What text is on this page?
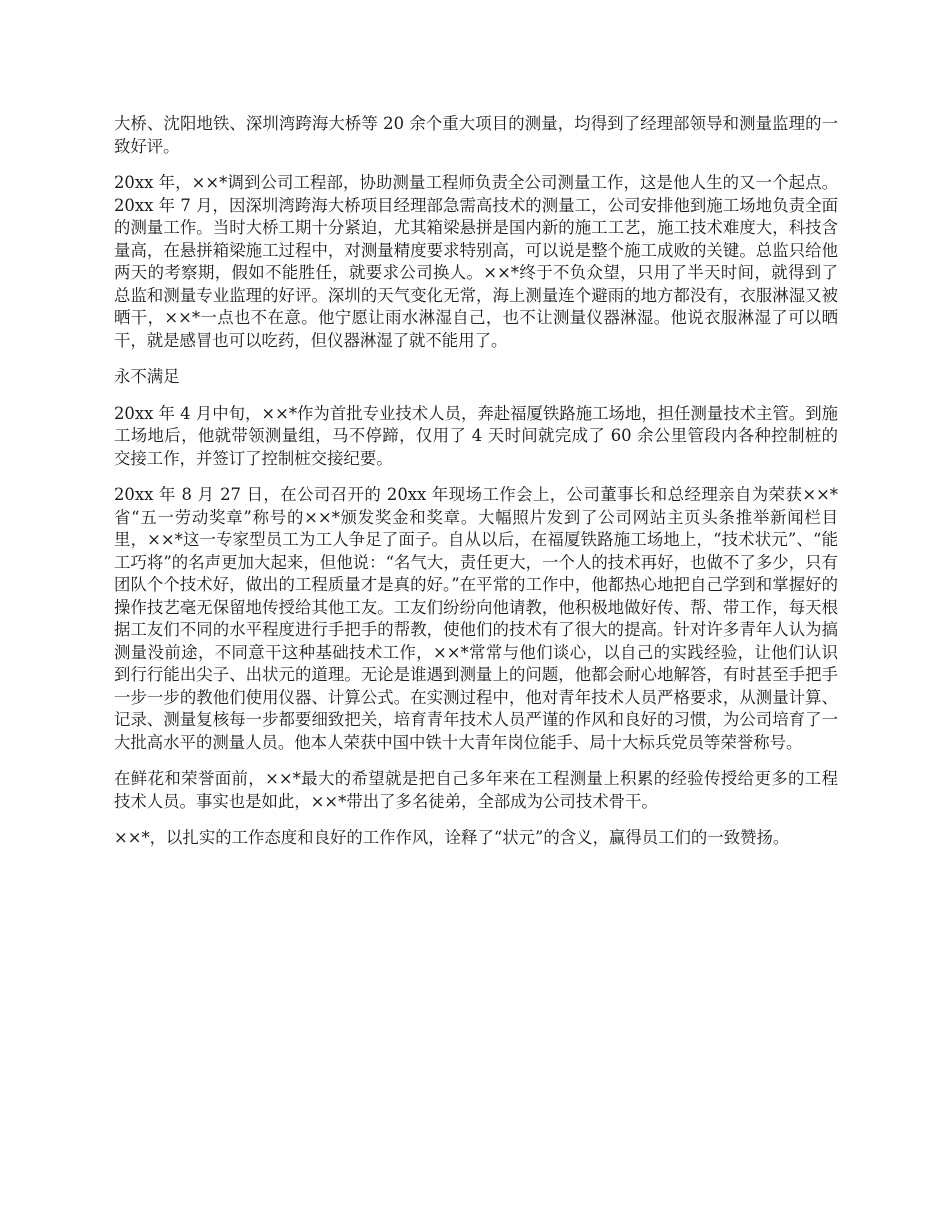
大桥、沈阳地铁、深圳湾跨海大桥等 20 余个重大项目的测量，均得到了经理部领导和测量监理的一致好评。

20xx 年，××*调到公司工程部，协助测量工程师负责全公司测量工作，这是他人生的又一个起点。20xx 年 7 月，因深圳湾跨海大桥项目经理部急需高技术的测量工，公司安排他到施工场地负责全面的测量工作。当时大桥工期十分紧迫，尤其箱梁悬拼是国内新的施工工艺，施工技术难度大，科技含量高，在悬拼箱梁施工过程中，对测量精度要求特别高，可以说是整个施工成败的关键。总监只给他两天的考察期，假如不能胜任，就要求公司换人。××*终于不负众望，只用了半天时间，就得到了总监和测量专业监理的好评。深圳的天气变化无常，海上测量连个避雨的地方都没有，衣服淋湿又被晒干，××*一点也不在意。他宁愿让雨水淋湿自己，也不让测量仪器淋湿。他说衣服淋湿了可以晒干，就是感冒也可以吃药，但仪器淋湿了就不能用了。

永不满足

20xx 年 4 月中旬，××*作为首批专业技术人员，奔赴福厦铁路施工场地，担任测量技术主管。到施工场地后，他就带领测量组，马不停蹄，仅用了 4 天时间就完成了 60 余公里管段内各种控制桩的交接工作，并签订了控制桩交接纪要。

20xx 年 8 月 27 日，在公司召开的 20xx 年现场工作会上，公司董事长和总经理亲自为荣获××*省“五一劳动奖章”称号的××*颁发奖金和奖章。大幅照片发到了公司网站主页头条推举新闻栏目里，××*这一专家型员工为工人争足了面子。自从以后，在福厦铁路施工场地上，“技术状元”、“能工巧将”的名声更加大起来，但他说：“名气大，责任更大，一个人的技术再好，也做不了多少，只有团队个个技术好，做出的工程质量才是真的好。”在平常的工作中，他都热心地把自己学到和掌握好的操作技艺毫无保留地传授给其他工友。工友们纷纷向他请教，他积极地做好传、帮、带工作，每天根据工友们不同的水平程度进行手把手的帮教，使他们的技术有了很大的提高。针对许多青年人认为搞测量没前途，不同意干这种基础技术工作，××*常常与他们谈心，以自己的实践经验，让他们认识到行行能出尖子、出状元的道理。无论是谁遇到测量上的问题，他都会耐心地解答，有时甚至手把手一步一步的教他们使用仪器、计算公式。在实测过程中，他对青年技术人员严格要求，从测量计算、记录、测量复核每一步都要细致把关，培育青年技术人员严谨的作风和良好的习惯，为公司培育了一大批高水平的测量人员。他本人荣获中国中铁十大青年岗位能手、局十大标兵党员等荣誉称号。

在鲜花和荣誉面前，××*最大的希望就是把自己多年来在工程测量上积累的经验传授给更多的工程技术人员。事实也是如此，××*带出了多名徒弟，全部成为公司技术骨干。

××*，以扎实的工作态度和良好的工作作风，诠释了“状元”的含义，赢得员工们的一致赞扬。
